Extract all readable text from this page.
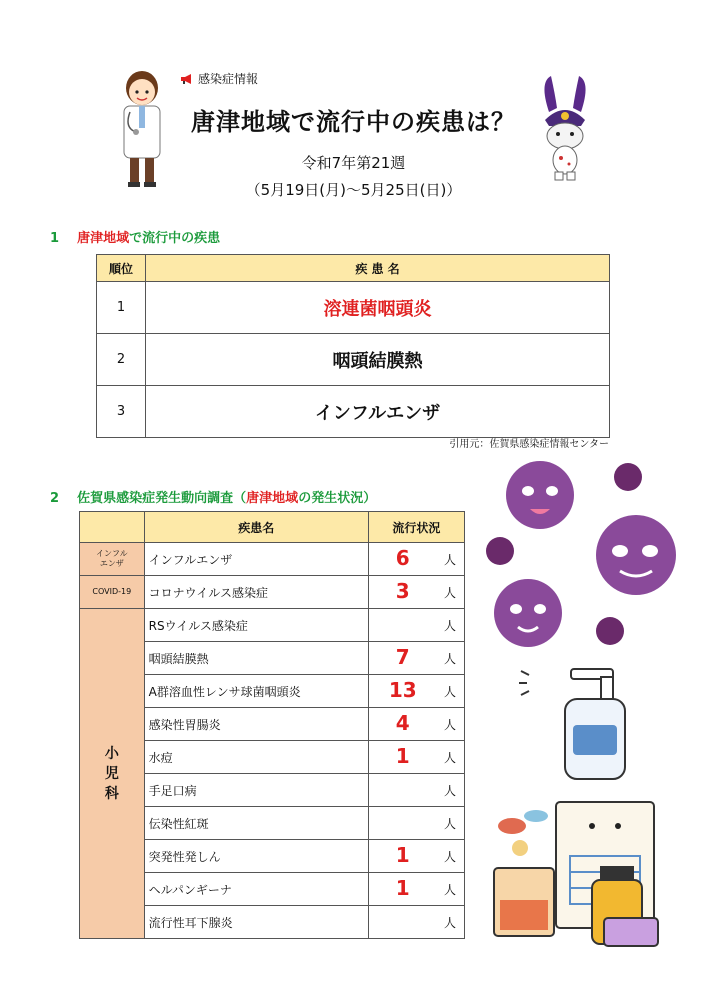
感染症情報
唐津地域で流行中の疾患は？
令和7年第21週
（5月19日(月)～5月25日(日)）
1 唐津地域で流行中の疾患
順位	疾 患 名
1	溶連菌咽頭炎
2	咽頭結膜熱
3	インフルエンザ
引用元：佐賀県感染症情報センター
2 佐賀県感染症発生動向調査（唐津地域の発生状況）
	疾患名	流行状況
インフル
エンザ	インフルエンザ	6 人

COVID-19	コロナウイルス感染症	3 人

小
児
科	RSウイルス感染症	人

	咽頭結膜熱	7 人

	A群溶血性レンサ球菌咽頭炎	13 人

	感染性胃腸炎	4 人

	水痘	1 人

	手足口病	人

	伝染性紅斑	人

	突発性発しん	1 人

	ヘルパンギーナ	1 人

	流行性耳下腺炎	人
